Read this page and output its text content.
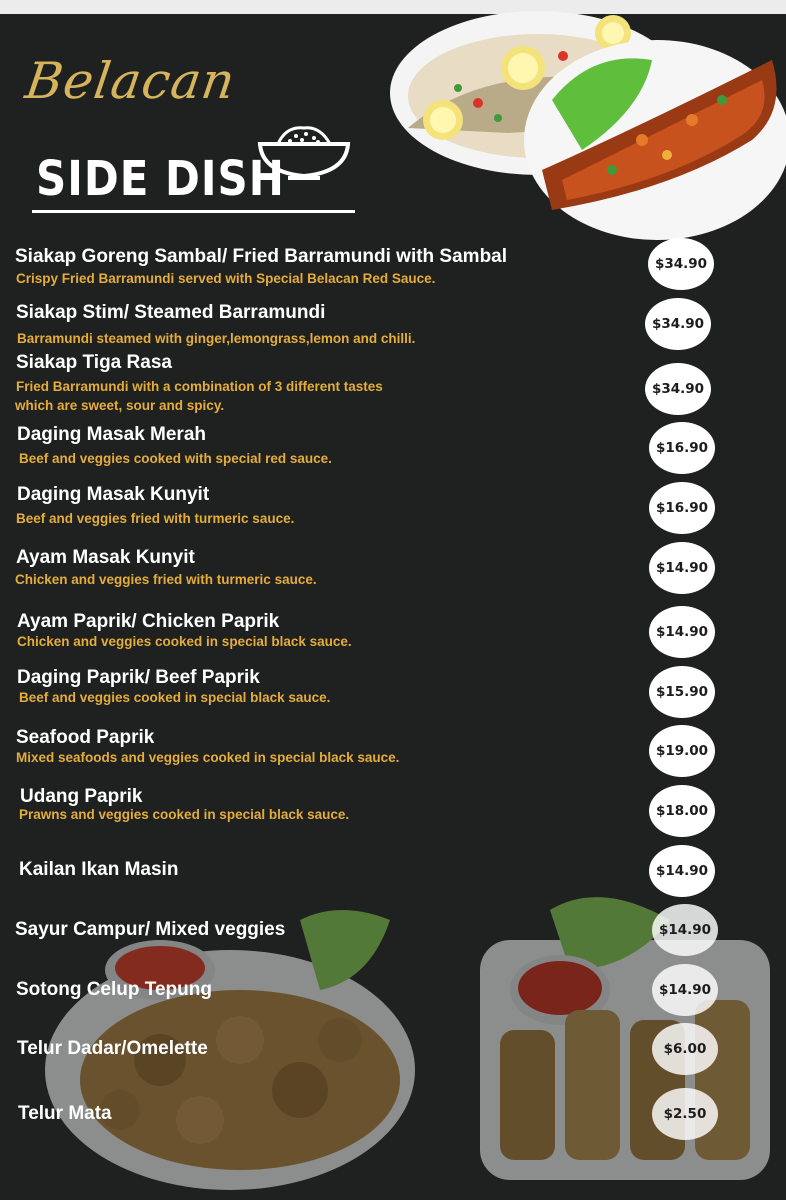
Belacan
SIDE DISH
Siakap Goreng Sambal/ Fried Barramundi with Sambal
Crispy Fried Barramundi served with Special Belacan Red Sauce.
$34.90
Siakap Stim/ Steamed Barramundi
Barramundi steamed with ginger,lemongrass,lemon and chilli.
$34.90
Siakap Tiga Rasa
Fried Barramundi with a combination of 3 different tastes
which are sweet, sour and spicy.
$34.90
Daging Masak Merah
Beef and veggies cooked with special red sauce.
$16.90
Daging Masak Kunyit
Beef and veggies fried with turmeric sauce.
$16.90
Ayam Masak Kunyit
Chicken and veggies fried with turmeric sauce.
$14.90
Ayam Paprik/ Chicken Paprik
Chicken and veggies cooked in special black sauce.
$14.90
Daging Paprik/ Beef Paprik
Beef and veggies cooked in special black sauce.	$15.90
Seafood Paprik
Mixed seafoods and veggies cooked in special black sauce.	$19.00
Udang Paprik
Prawns and veggies cooked in special black sauce.	$18.00
Kailan Ikan Masin	$14.90
Sayur Campur/ Mixed veggies	$14.90
Sotong Celup Tepung	$14.90
Telur Dadar/Omelette	$6.00
Telur Mata	$2.50
